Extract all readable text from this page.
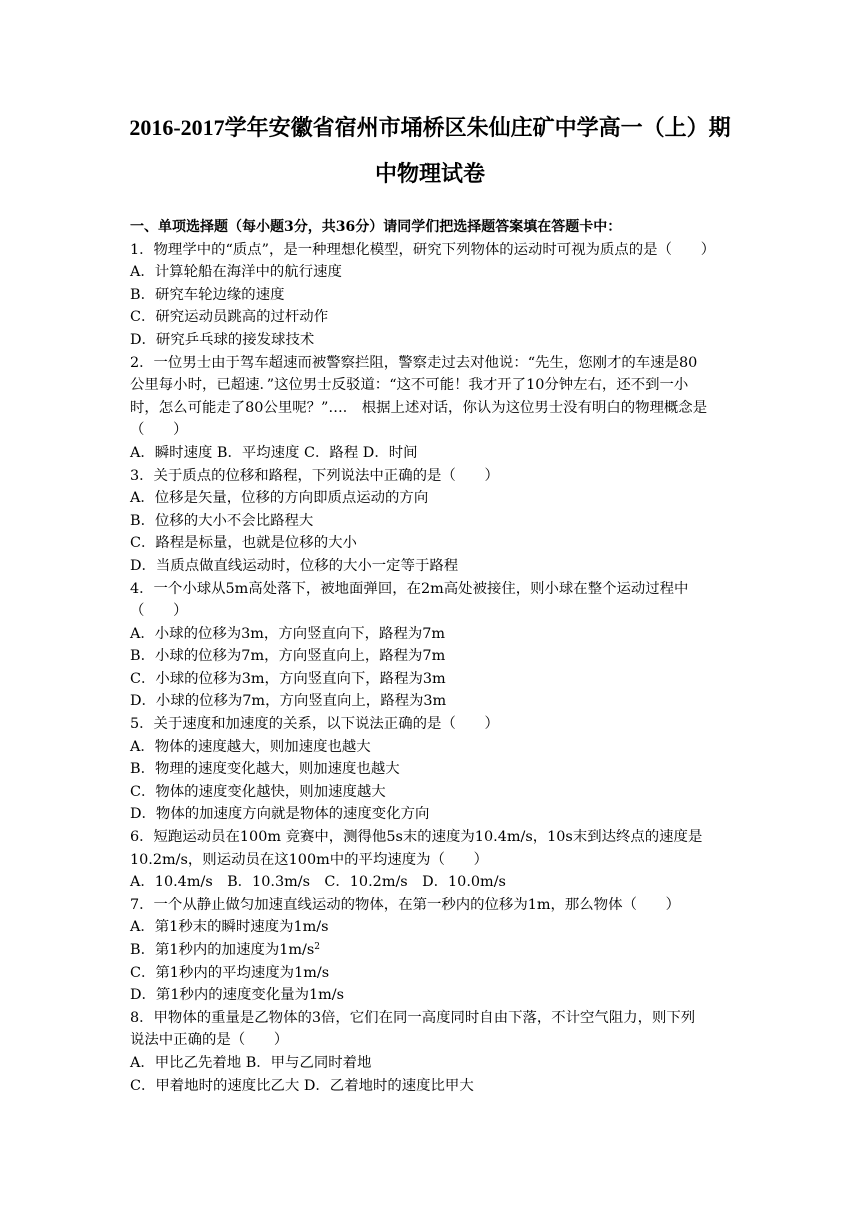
2016-2017学年安徽省宿州市埇桥区朱仙庄矿中学高一（上）期
中物理试卷
一、单项选择题（每小题3分，共36分）请同学们把选择题答案填在答题卡中：
1．物理学中的“质点”，是一种理想化模型，研究下列物体的运动时可视为质点的是（　　）
A．计算轮船在海洋中的航行速度
B．研究车轮边缘的速度
C．研究运动员跳高的过杆动作
D．研究乒乓球的接发球技术
2．一位男士由于驾车超速而被警察拦阻，警察走过去对他说：“先生，您刚才的车速是80
公里每小时，已超速．”这位男士反驳道：“这不可能！我才开了10分钟左右，还不到一小
时，怎么可能走了80公里呢？”…． 根据上述对话，你认为这位男士没有明白的物理概念是
（　　）
A．瞬时速度 B．平均速度 C．路程 D．时间
3．关于质点的位移和路程，下列说法中正确的是（　　）
A．位移是矢量，位移的方向即质点运动的方向
B．位移的大小不会比路程大
C．路程是标量，也就是位移的大小
D．当质点做直线运动时，位移的大小一定等于路程
4．一个小球从5m高处落下，被地面弹回，在2m高处被接住，则小球在整个运动过程中
（　　）
A．小球的位移为3m，方向竖直向下，路程为7m
B．小球的位移为7m，方向竖直向上，路程为7m
C．小球的位移为3m，方向竖直向下，路程为3m
D．小球的位移为7m，方向竖直向上，路程为3m
5．关于速度和加速度的关系，以下说法正确的是（　　）
A．物体的速度越大，则加速度也越大
B．物理的速度变化越大，则加速度也越大
C．物体的速度变化越快，则加速度越大
D．物体的加速度方向就是物体的速度变化方向
6．短跑运动员在100m 竞赛中，测得他5s末的速度为10.4m/s，10s末到达终点的速度是
10.2m/s，则运动员在这100m中的平均速度为（　　）
A．10.4m/s　B．10.3m/s　C．10.2m/s　D．10.0m/s
7．一个从静止做匀加速直线运动的物体，在第一秒内的位移为1m，那么物体（　　）
A．第1秒末的瞬时速度为1m/s
B．第1秒内的加速度为$1m/s^2$
C．第1秒内的平均速度为1m/s
D．第1秒内的速度变化量为1m/s
8．甲物体的重量是乙物体的3倍，它们在同一高度同时自由下落，不计空气阻力，则下列
说法中正确的是（　　）
A．甲比乙先着地 B．甲与乙同时着地
C．甲着地时的速度比乙大 D．乙着地时的速度比甲大
